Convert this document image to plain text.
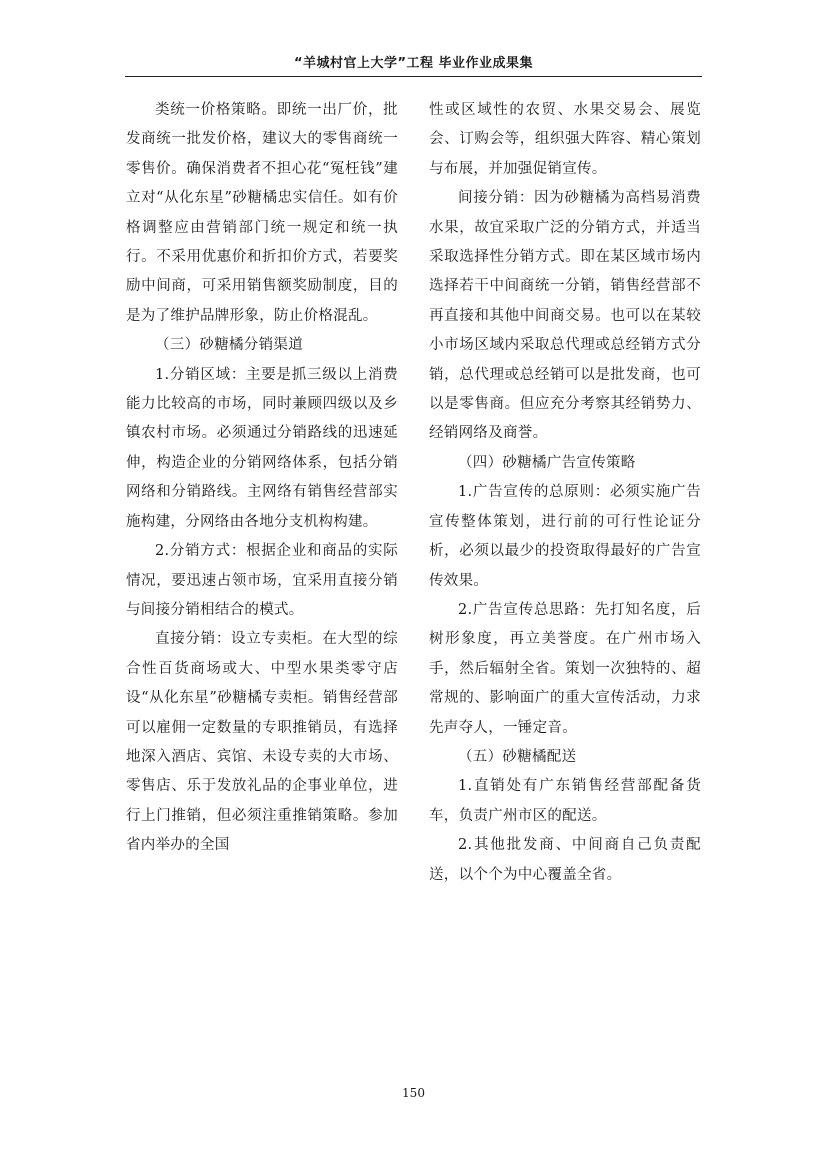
“羊城村官上大学”工程 毕业作业成果集

类统一价格策略。即统一出厂价，批发商统一批发价格，建议大的零售商统一零售价。确保消费者不担心花“冤枉钱”建立对“从化东星”砂糖橘忠实信任。如有价格调整应由营销部门统一规定和统一执行。不采用优惠价和折扣价方式，若要奖励中间商，可采用销售额奖励制度，目的是为了维护品牌形象，防止价格混乱。

（三）砂糖橘分销渠道

1.分销区域：主要是抓三级以上消费能力比较高的市场，同时兼顾四级以及乡镇农村市场。必须通过分销路线的迅速延伸，构造企业的分销网络体系，包括分销网络和分销路线。主网络有销售经营部实施构建，分网络由各地分支机构构建。

2.分销方式：根据企业和商品的实际情况，要迅速占领市场，宜采用直接分销与间接分销相结合的模式。

直接分销：设立专卖柜。在大型的综合性百货商场或大、中型水果类零守店设“从化东星”砂糖橘专卖柜。销售经营部可以雇佣一定数量的专职推销员，有选择地深入酒店、宾馆、未设专卖的大市场、零售店、乐于发放礼品的企事业单位，进行上门推销，但必须注重推销策略。参加省内举办的全国

性或区域性的农贸、水果交易会、展览会、订购会等，组织强大阵容、精心策划与布展，并加强促销宣传。

间接分销：因为砂糖橘为高档易消费水果，故宜采取广泛的分销方式，并适当采取选择性分销方式。即在某区域市场内选择若干中间商统一分销，销售经营部不再直接和其他中间商交易。也可以在某较小市场区域内采取总代理或总经销方式分销，总代理或总经销可以是批发商，也可以是零售商。但应充分考察其经销势力、经销网络及商誉。

（四）砂糖橘广告宣传策略

1.广告宣传的总原则：必须实施广告宣传整体策划，进行前的可行性论证分析，必须以最少的投资取得最好的广告宣传效果。

2.广告宣传总思路：先打知名度，后树形象度，再立美誉度。在广州市场入手，然后辐射全省。策划一次独特的、超常规的、影响面广的重大宣传活动，力求先声夺人，一锤定音。

（五）砂糖橘配送

1.直销处有广东销售经营部配备货车，负责广州市区的配送。

2.其他批发商、中间商自己负责配送，以个个为中心覆盖全省。

150
